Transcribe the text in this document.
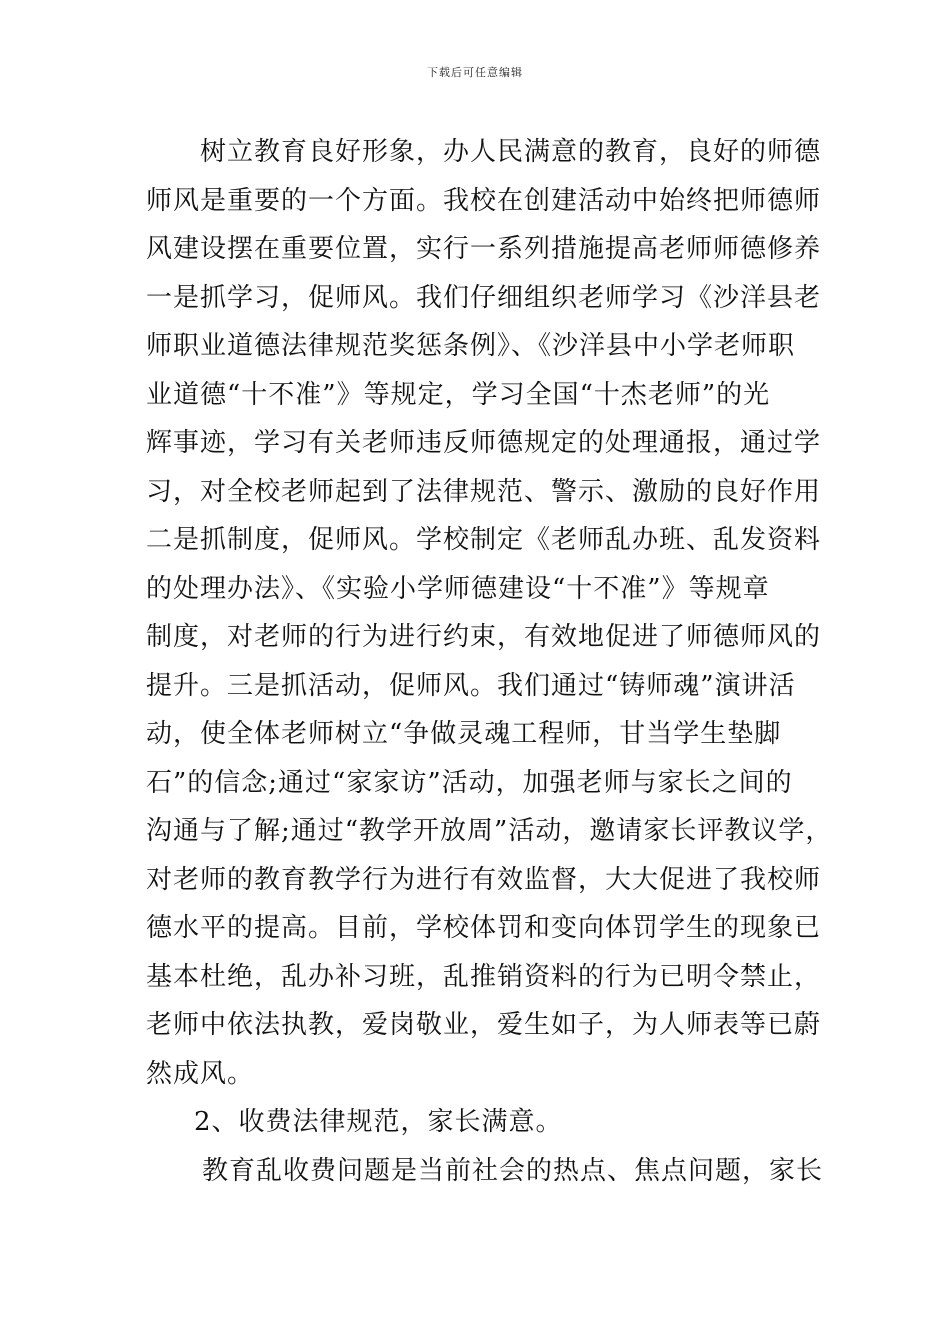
下载后可任意编辑
树立教育良好形象，办人民满意的教育，良好的师德
师风是重要的一个方面。我校在创建活动中始终把师德师
风建设摆在重要位置，实行一系列措施提高老师师德修养
一是抓学习，促师风。我们仔细组织老师学习《沙洋县老
师职业道德法律规范奖惩条例》、《沙洋县中小学老师职
业道德“十不准”》等规定，学习全国“十杰老师”的光
辉事迹，学习有关老师违反师德规定的处理通报，通过学
习，对全校老师起到了法律规范、警示、激励的良好作用
二是抓制度，促师风。学校制定《老师乱办班、乱发资料
的处理办法》、《实验小学师德建设“十不准”》等规章
制度，对老师的行为进行约束，有效地促进了师德师风的
提升。三是抓活动，促师风。我们通过“铸师魂”演讲活
动，使全体老师树立“争做灵魂工程师，甘当学生垫脚
石”的信念;通过“家家访”活动，加强老师与家长之间的
沟通与了解;通过“教学开放周”活动，邀请家长评教议学，
对老师的教育教学行为进行有效监督，大大促进了我校师
德水平的提高。目前，学校体罚和变向体罚学生的现象已
基本杜绝，乱办补习班，乱推销资料的行为已明令禁止，
老师中依法执教，爱岗敬业，爱生如子，为人师表等已蔚
然成风。
2、收费法律规范，家长满意。
教育乱收费问题是当前社会的热点、焦点问题，家长
